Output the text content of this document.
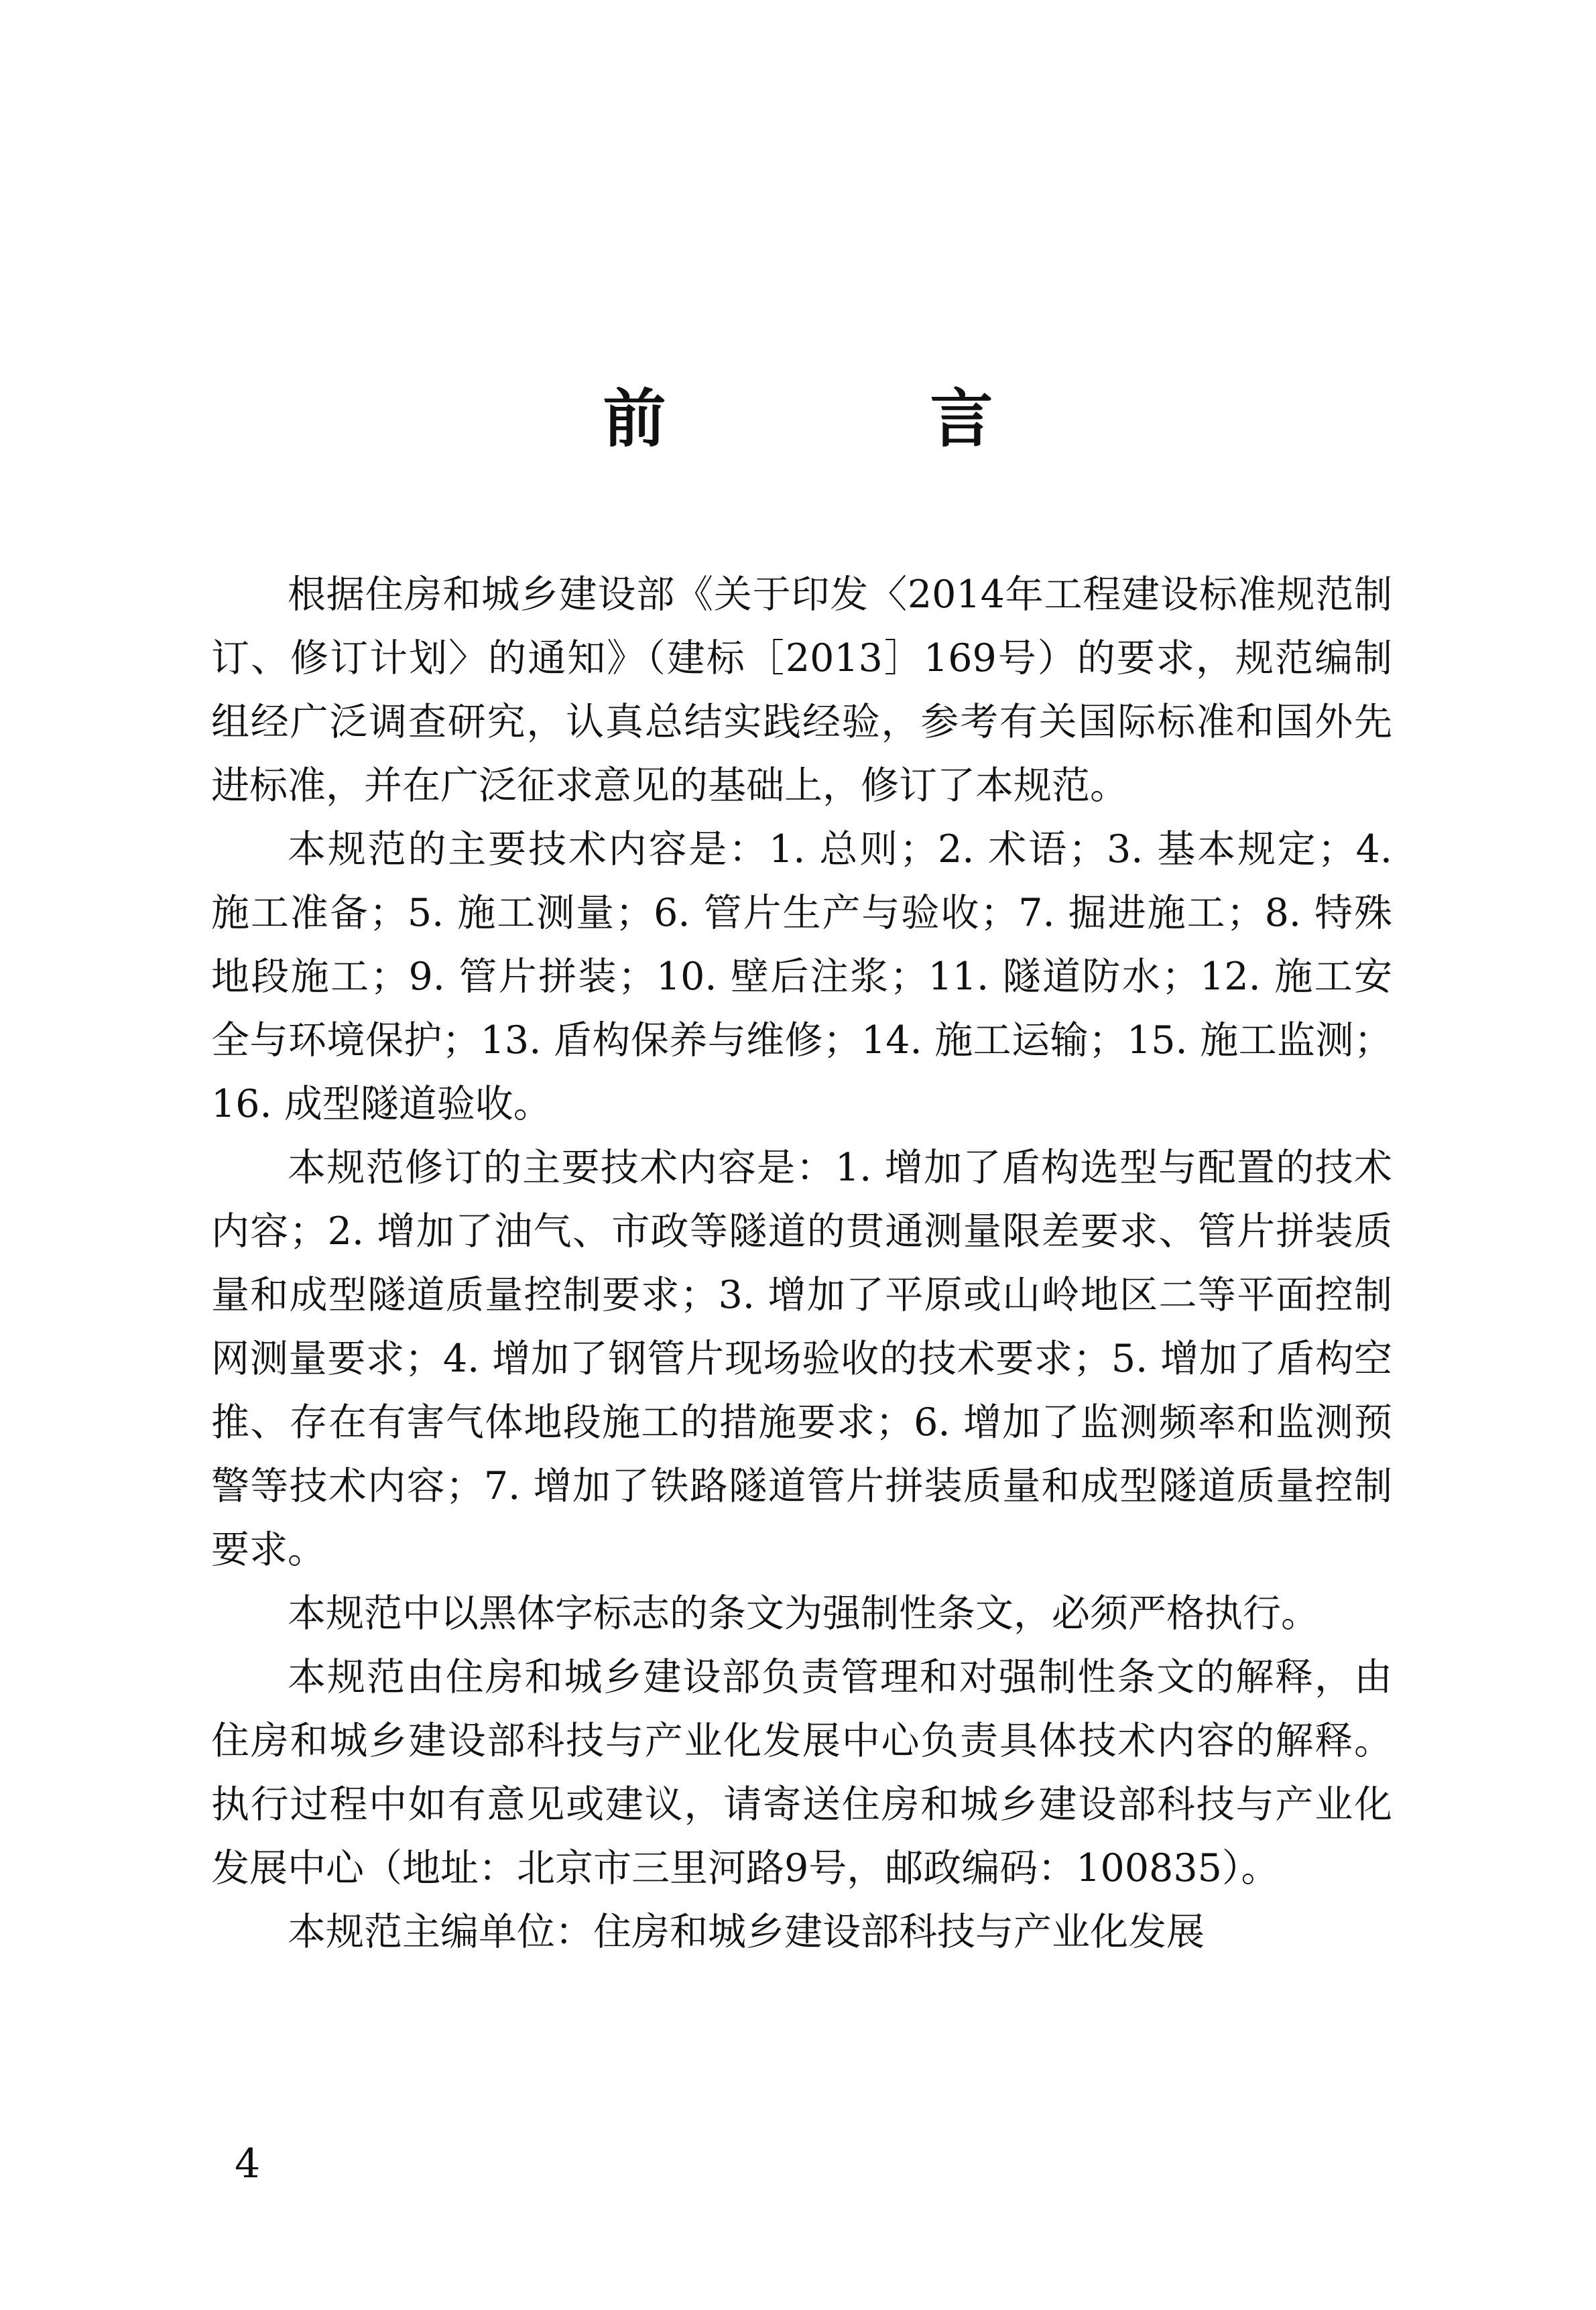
前　言

根据住房和城乡建设部《关于印发〈2014年工程建设标准规范制订、修订计划〉的通知》（建标［2013］169号）的要求，规范编制组经广泛调查研究，认真总结实践经验，参考有关国际标准和国外先进标准，并在广泛征求意见的基础上，修订了本规范。

本规范的主要技术内容是：1. 总则；2. 术语；3. 基本规定；4. 施工准备；5. 施工测量；6. 管片生产与验收；7. 掘进施工；8. 特殊地段施工；9. 管片拼装；10. 壁后注浆；11. 隧道防水；12. 施工安全与环境保护；13. 盾构保养与维修；14. 施工运输；15. 施工监测；16. 成型隧道验收。

本规范修订的主要技术内容是：1. 增加了盾构选型与配置的技术内容；2. 增加了油气、市政等隧道的贯通测量限差要求、管片拼装质量和成型隧道质量控制要求；3. 增加了平原或山岭地区二等平面控制网测量要求；4. 增加了钢管片现场验收的技术要求；5. 增加了盾构空推、存在有害气体地段施工的措施要求；6. 增加了监测频率和监测预警等技术内容；7. 增加了铁路隧道管片拼装质量和成型隧道质量控制要求。

本规范中以黑体字标志的条文为强制性条文，必须严格执行。

本规范由住房和城乡建设部负责管理和对强制性条文的解释，由住房和城乡建设部科技与产业化发展中心负责具体技术内容的解释。执行过程中如有意见或建议，请寄送住房和城乡建设部科技与产业化发展中心（地址：北京市三里河路9号，邮政编码：100835）。

本规范主编单位：住房和城乡建设部科技与产业化发展

4
